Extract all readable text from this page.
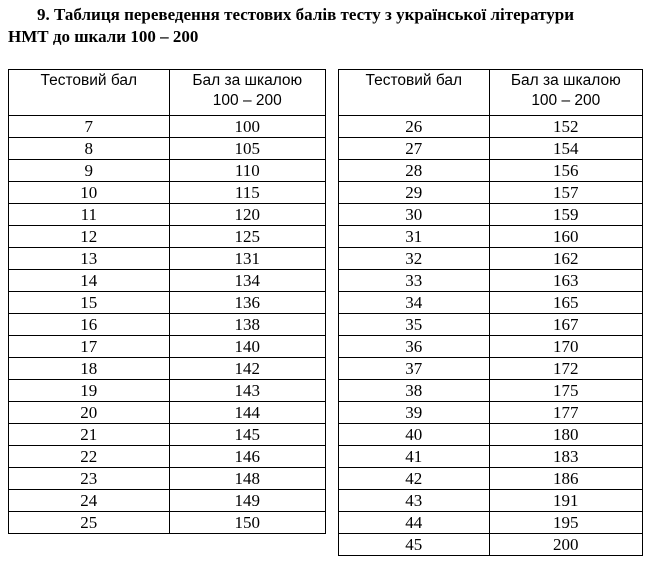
9. Таблиця переведення тестових балів тесту з української літератури
НМТ до шкали 100 – 200
Тестовий бал	Бал за шкалою
100 – 200
7	100
8	105
9	110
10	115
11	120
12	125
13	131
14	134
15	136
16	138
17	140
18	142
19	143
20	144
21	145
22	146
23	148
24	149
25	150
Тестовий бал	Бал за шкалою
100 – 200
26	152
27	154
28	156
29	157
30	159
31	160
32	162
33	163
34	165
35	167
36	170
37	172
38	175
39	177
40	180
41	183
42	186
43	191
44	195
45	200
